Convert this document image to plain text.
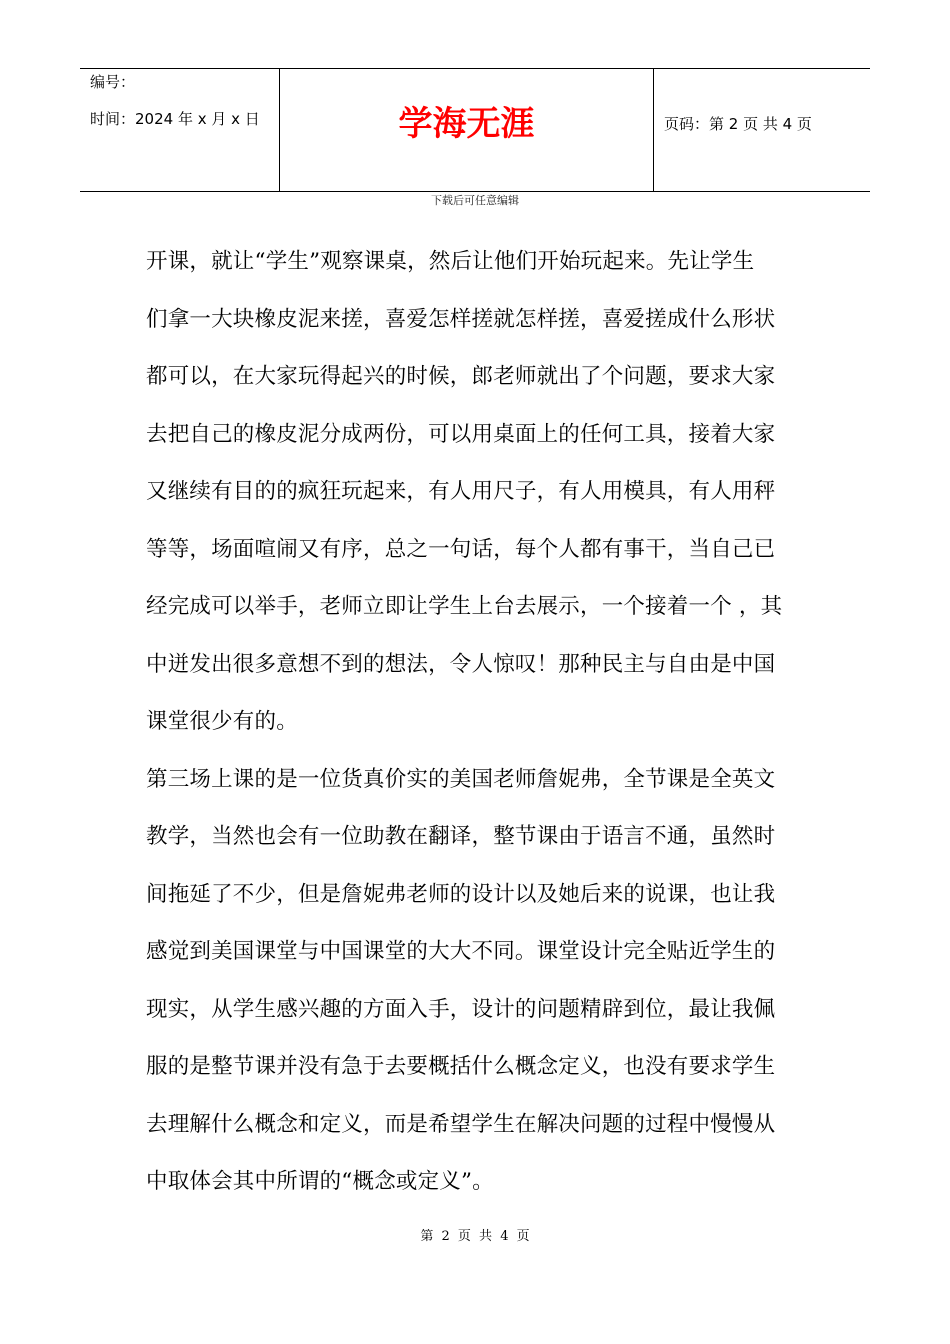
编号：
时间：2024 年 x 月 x 日	学海无涯	页码：第 2 页 共 4 页
下载后可任意编辑
开课，就让“学生”观察课桌，然后让他们开始玩起来。先让学生
们拿一大块橡皮泥来搓，喜爱怎样搓就怎样搓，喜爱搓成什么形状
都可以，在大家玩得起兴的时候，郎老师就出了个问题，要求大家
去把自己的橡皮泥分成两份，可以用桌面上的任何工具，接着大家
又继续有目的的疯狂玩起来，有人用尺子，有人用模具，有人用秤
等等，场面喧闹又有序，总之一句话，每个人都有事干，当自己已
经完成可以举手，老师立即让学生上台去展示，一个接着一个 ，其
中迸发出很多意想不到的想法，令人惊叹！那种民主与自由是中国
课堂很少有的。
第三场上课的是一位货真价实的美国老师詹妮弗，全节课是全英文
教学，当然也会有一位助教在翻译，整节课由于语言不通，虽然时
间拖延了不少，但是詹妮弗老师的设计以及她后来的说课，也让我
感觉到美国课堂与中国课堂的大大不同。课堂设计完全贴近学生的
现实，从学生感兴趣的方面入手，设计的问题精辟到位，最让我佩
服的是整节课并没有急于去要概括什么概念定义，也没有要求学生
去理解什么概念和定义，而是希望学生在解决问题的过程中慢慢从
中取体会其中所谓的“概念或定义”。
第 2 页 共 4 页
